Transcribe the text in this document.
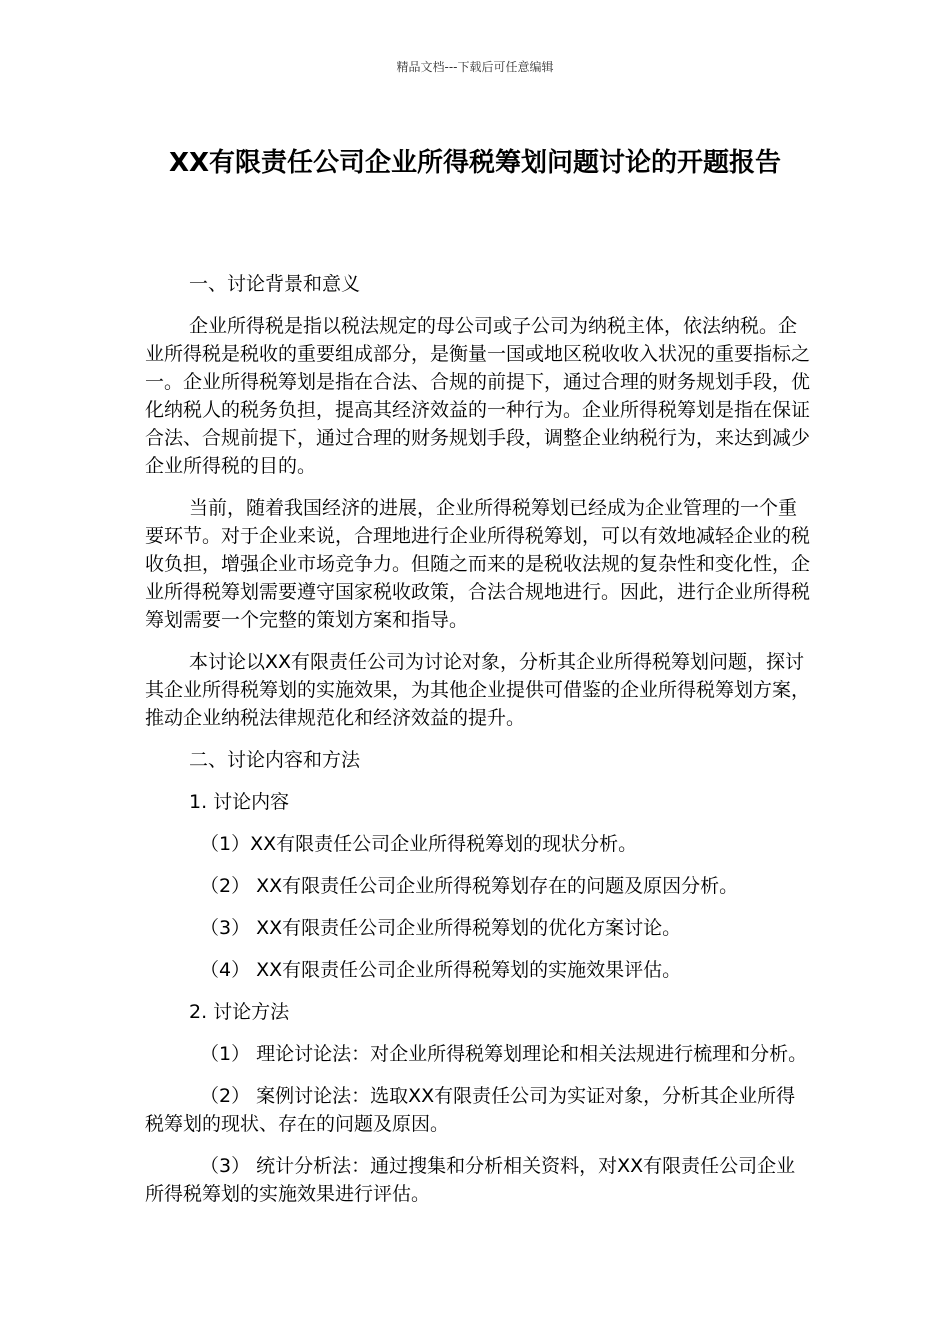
精品文档---下载后可任意编辑
XX有限责任公司企业所得税筹划问题讨论的开题报告

一、讨论背景和意义

企业所得税是指以税法规定的母公司或子公司为纳税主体，依法纳税。企业所得税是税收的重要组成部分，是衡量一国或地区税收收入状况的重要指标之一。企业所得税筹划是指在合法、合规的前提下，通过合理的财务规划手段，优化纳税人的税务负担，提高其经济效益的一种行为。企业所得税筹划是指在保证合法、合规前提下，通过合理的财务规划手段，调整企业纳税行为，来达到减少企业所得税的目的。

当前，随着我国经济的进展，企业所得税筹划已经成为企业管理的一个重要环节。对于企业来说，合理地进行企业所得税筹划，可以有效地减轻企业的税收负担，增强企业市场竞争力。但随之而来的是税收法规的复杂性和变化性，企业所得税筹划需要遵守国家税收政策，合法合规地进行。因此，进行企业所得税筹划需要一个完整的策划方案和指导。

本讨论以XX有限责任公司为讨论对象，分析其企业所得税筹划问题，探讨其企业所得税筹划的实施效果，为其他企业提供可借鉴的企业所得税筹划方案，推动企业纳税法律规范化和经济效益的提升。

二、讨论内容和方法

1. 讨论内容

（1）XX有限责任公司企业所得税筹划的现状分析。

（2） XX有限责任公司企业所得税筹划存在的问题及原因分析。

（3） XX有限责任公司企业所得税筹划的优化方案讨论。

（4） XX有限责任公司企业所得税筹划的实施效果评估。

2. 讨论方法

（1） 理论讨论法：对企业所得税筹划理论和相关法规进行梳理和分析。

（2） 案例讨论法：选取XX有限责任公司为实证对象，分析其企业所得税筹划的现状、存在的问题及原因。

（3） 统计分析法：通过搜集和分析相关资料，对XX有限责任公司企业所得税筹划的实施效果进行评估。
